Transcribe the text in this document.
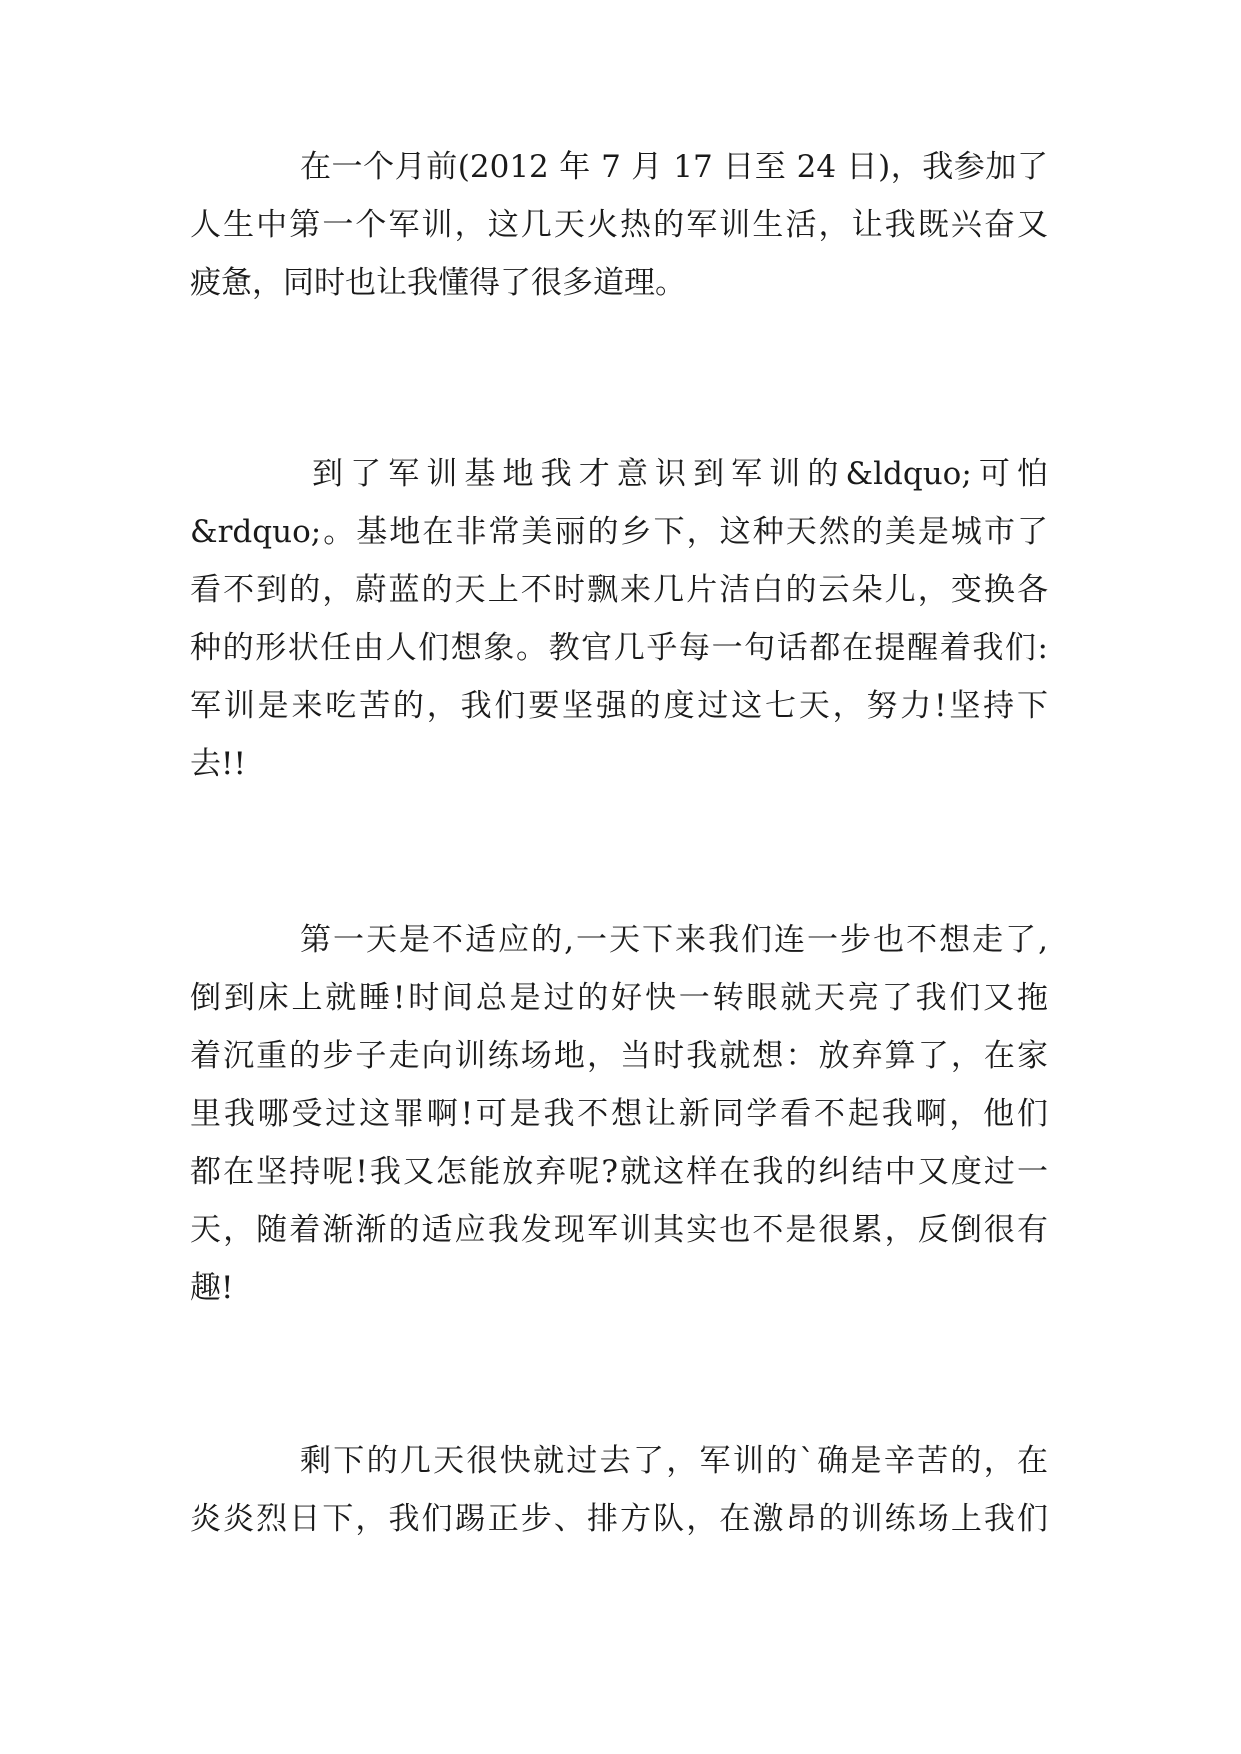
在一个月前(2012 年 7 月 17 日至 24 日)，我参加了
人生中第一个军训，这几天火热的军训生活，让我既兴奋又
疲惫，同时也让我懂得了很多道理。
到了军训基地我才意识到军训的&ldquo;可怕
&rdquo;。基地在非常美丽的乡下，这种天然的美是城市了
看不到的，蔚蓝的天上不时飘来几片洁白的云朵儿，变换各
种的形状任由人们想象。教官几乎每一句话都在提醒着我们:
军训是来吃苦的，我们要坚强的度过这七天，努力!坚持下
去!!
第一天是不适应的,一天下来我们连一步也不想走了,
倒到床上就睡!时间总是过的好快一转眼就天亮了我们又拖
着沉重的步子走向训练场地，当时我就想：放弃算了，在家
里我哪受过这罪啊!可是我不想让新同学看不起我啊，他们
都在坚持呢!我又怎能放弃呢?就这样在我的纠结中又度过一
天，随着渐渐的适应我发现军训其实也不是很累，反倒很有
趣!
剩下的几天很快就过去了，军训的`确是辛苦的，在
炎炎烈日下，我们踢正步、排方队，在激昂的训练场上我们
